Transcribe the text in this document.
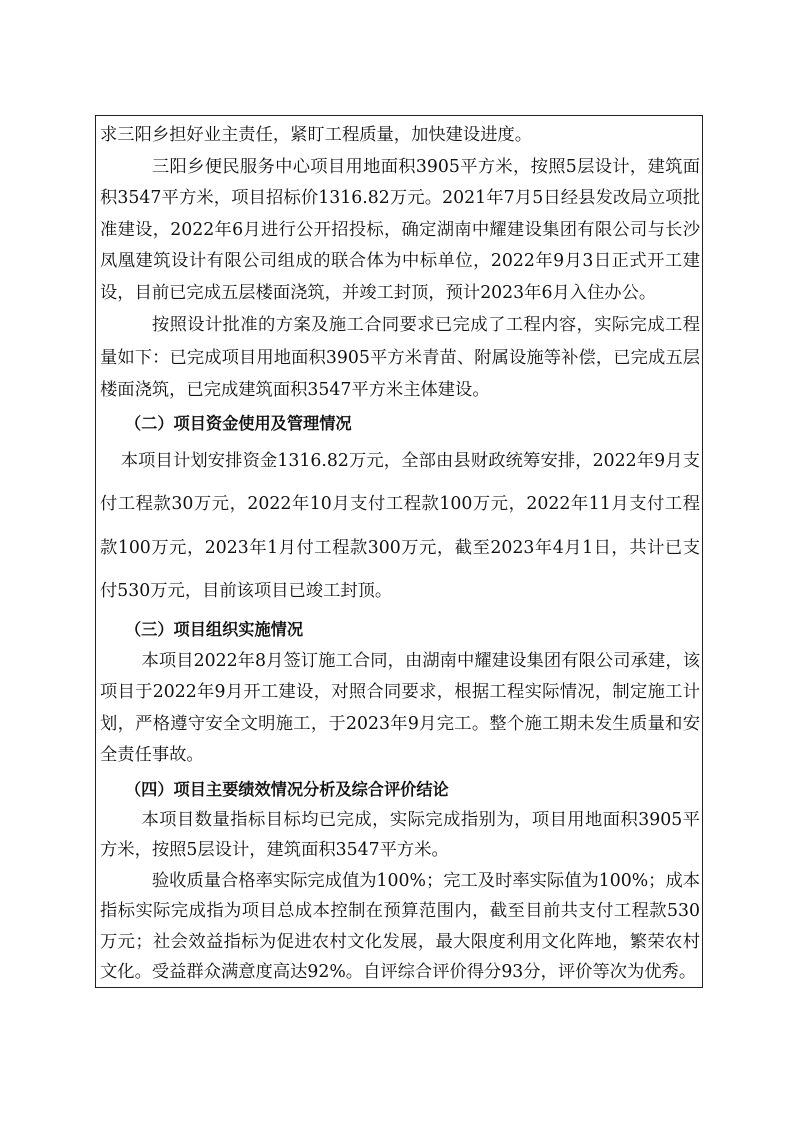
求三阳乡担好业主责任，紧盯工程质量，加快建设进度。

三阳乡便民服务中心项目用地面积3905平方米，按照5层设计，建筑面积3547平方米，项目招标价1316.82万元。2021年7月5日经县发改局立项批准建设，2022年6月进行公开招投标，确定湖南中耀建设集团有限公司与长沙凤凰建筑设计有限公司组成的联合体为中标单位，2022年9月3日正式开工建设，目前已完成五层楼面浇筑，并竣工封顶，预计2023年6月入住办公。

按照设计批准的方案及施工合同要求已完成了工程内容，实际完成工程量如下：已完成项目用地面积3905平方米青苗、附属设施等补偿，已完成五层楼面浇筑，已完成建筑面积3547平方米主体建设。

（二）项目资金使用及管理情况

本项目计划安排资金1316.82万元，全部由县财政统筹安排，2022年9月支付工程款30万元，2022年10月支付工程款100万元，2022年11月支付工程款100万元，2023年1月付工程款300万元，截至2023年4月1日，共计已支付530万元，目前该项目已竣工封顶。

（三）项目组织实施情况

本项目2022年8月签订施工合同，由湖南中耀建设集团有限公司承建，该项目于2022年9月开工建设，对照合同要求，根据工程实际情况，制定施工计划，严格遵守安全文明施工，于2023年9月完工。整个施工期未发生质量和安全责任事故。

（四）项目主要绩效情况分析及综合评价结论

本项目数量指标目标均已完成，实际完成指别为，项目用地面积3905平方米，按照5层设计，建筑面积3547平方米。

验收质量合格率实际完成值为100%；完工及时率实际值为100%；成本指标实际完成指为项目总成本控制在预算范围内，截至目前共支付工程款530万元；社会效益指标为促进农村文化发展，最大限度利用文化阵地，繁荣农村文化。受益群众满意度高达92%。自评综合评价得分93分，评价等次为优秀。
